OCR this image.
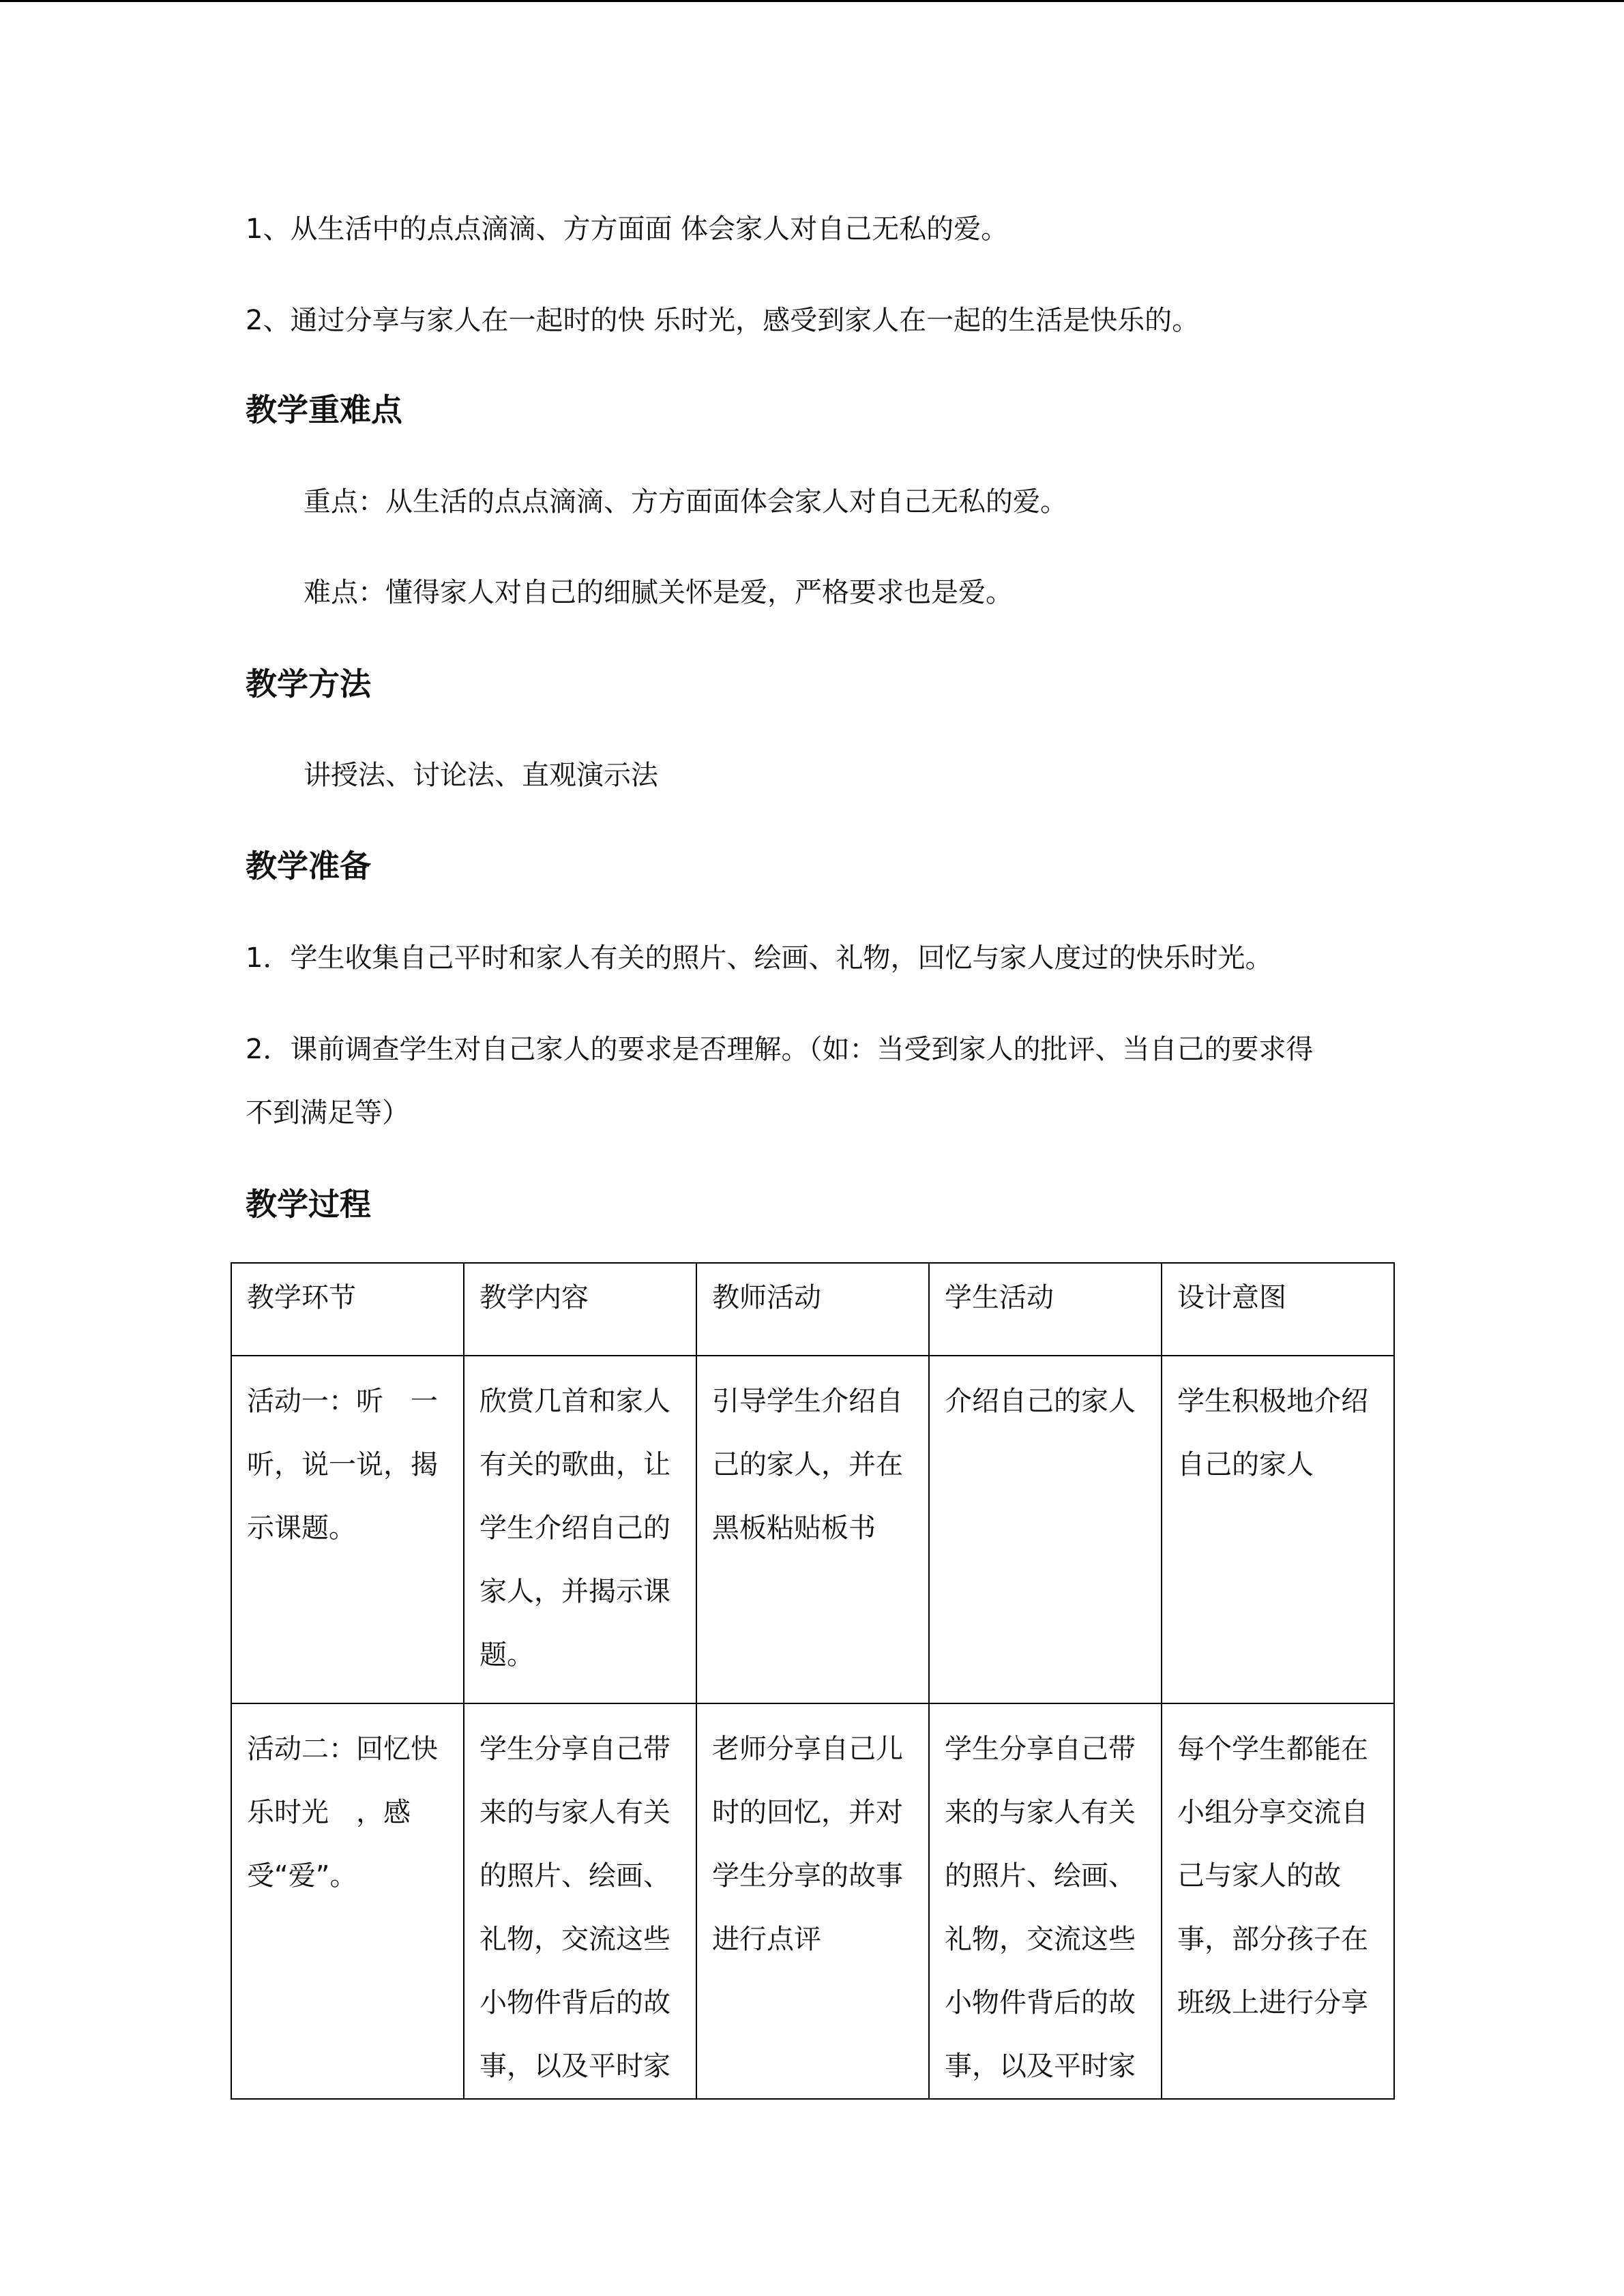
1、从生活中的点点滴滴、方方面面 体会家人对自己无私的爱。

2、通过分享与家人在一起时的快 乐时光，感受到家人在一起的生活是快乐的。

教学重难点

重点：从生活的点点滴滴、方方面面体会家人对自己无私的爱。

难点：懂得家人对自己的细腻关怀是爱，严格要求也是爱。

教学方法

讲授法、讨论法、直观演示法

教学准备

1．学生收集自己平时和家人有关的照片、绘画、礼物，回忆与家人度过的快乐时光。

2．课前调查学生对自己家人的要求是否理解。（如：当受到家人的批评、当自己的要求得

不到满足等）

教学过程
教学环节	教学内容	教师活动	学生活动	设计意图
活动一：听　一听，说一说，揭示课题。	欣赏几首和家人有关的歌曲，让学生介绍自己的家人，并揭示课题。	引导学生介绍自己的家人，并在黑板粘贴板书	介绍自己的家人	学生积极地介绍自己的家人
活动二：回忆快乐时光　，感受“爱”。	学生分享自己带来的与家人有关的照片、绘画、礼物，交流这些小物件背后的故事，以及平时家	老师分享自己儿时的回忆，并对学生分享的故事进行点评	学生分享自己带来的与家人有关的照片、绘画、礼物，交流这些小物件背后的故事，以及平时家	每个学生都能在小组分享交流自己与家人的故事，部分孩子在班级上进行分享
